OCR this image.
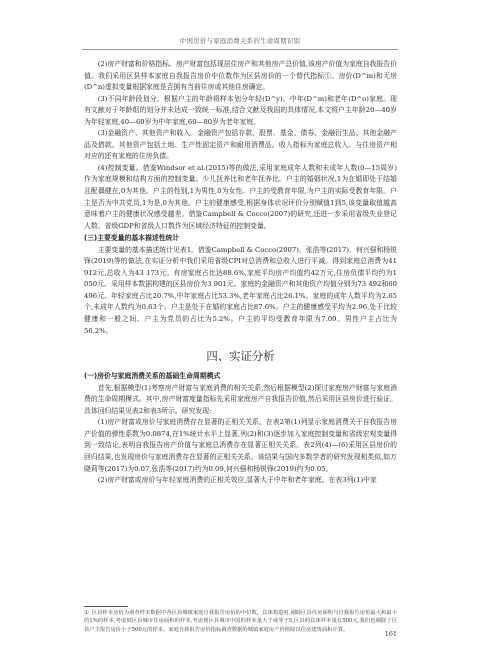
中国房价与家庭消费关系的生命周期识别

(2)房产财富和价格指标。房产财富包括现居住房产和其他房产总价值,该房产价值为家庭自我报告价值。我们采用区县样本家庭自我报告房价中位数作为区县房价的一个替代指标①。房价(D^m)和无房(D^n)虚拟变量根据家庭是否拥有当前住房或其他住房确定。

(3)不同年龄段划分。根据户主的年龄将样本划分年轻(D^y)、中年(D^m)和老年(D^o)家庭。现有文献对于年龄组的划分并未达成一致统一标准,结合文献及我国的具体情况,本文将户主年龄20—40岁为年轻家庭,40—60岁为中年家庭,60—80岁为老年家庭。

(3)金融资产、其他资产和收入。金融资产包括存款、股票、基金、债券、金融衍生品、其他金融产品及借款。其他资产包括土地、生产性固定资产和耐用消费品。收入指标为家庭总收入。与住房资产相对应的还有家庭的住房负债。

(4)控制变量。借鉴Windsor et al.(2015)等的做法,采用家庭成年人数和未成年人数(0—15周岁)作为家庭规模和结构方面的控制变量。少儿抚养比和老年抚养比。户主的婚姻状况,1为在婚即处于结婚且配偶健在,0为其他。户主的性别,1为男性,0为女性。户主的受教育年限,为户主的实际受教育年限。户主是否为中共党员,1为是,0为其他。户主的健康感受,根据身体状况评价分别赋值1到5,该变量取值越高意味着户主的健康状况感受越差。借鉴Campbell & Cocco(2007)的研究,还进一步采用省级失业登记人数、省级GDP和省级人口数作为区域经济特征的控制变量。

(三)主要变量的基本描述性统计

主要变量的基本描述统计见表1。借鉴Campbell & Cocco(2007)、张浩等(2017)、何兴强和杨锐锋(2019)等的做法,在实证分析中我们采用省级CPI对总消费和总收入进行平减。得到家庭总消费为41 912元,总收入为43 173元。有房家庭占比达88.6%,家庭平均房产均值约42万元,住房负债平均约为1 050元。采用样本数据构建的区县房价为3 901元。家庭的金融资产和其他资产均值分别为73 492和60 496元。年轻家庭占比20.7%,中年家庭占比53.3%,老年家庭占比26.1%。家庭的成年人数平均为2.65个,未成年人数约为0.63个。户主是处于在婚的家庭占比87.6%。户主的健康感受平均为2.96,处于比较健康和一般之间。户主为党员的占比为5.2%。户主的平均受教育年限为7.09。男性户主占比为56.2%。

四、实证分析

(一)房价与家庭消费关系的基础生命周期模式

首先,根据模型(1)考察房产财富与家庭消费的相关关系,然后根据模型(2)探讨家庭房产财富与家庭消费的生命周期模式。其中,房产财富度量指标先采用家庭房产自我报告价值,然后采用区县房价进行验证。具体回归结果见表2和表3所示。研究发现:

(1)房产财富或房价与家庭消费存在显著的正相关关系。在表2第(1)列显示家庭消费关于自我报告房产价值的弹性系数为0.0874,在1%统计水平上显著,列(2)和(3)逐步加入家庭控制变量和省级宏观变量得到一致结论,表明自我报告房产价值与家庭总消费存在显著正相关关系。表2列(4)—(6)采用区县房价的回归结果,也发现房价与家庭消费存在显著的正相关关系。该结果与国内多数学者的研究发现相类似,如万晓莉等(2017)为0.07,张浩等(2017)约为0.09,何兴强和杨锐锋(2019)约为0.05。

(2)房产财富或房价与年轻家庭消费的正相关效应,显著大于中年和老年家庭。在表3列(1)中家

① 区县样本房价为调查样本数据中各区县城镇家庭自我报告房价的中位数。具体构造时,剔除区县住房面积与自我报告房价最大和最小的1%的样本,考虑到区县城市住房面积的样本,考虑到区县城市中国的样本量大于或等于5,区县的具体样本量在500元,我们也剔除了区县户主报告房价小于500元的样本。家庭自我报告房价指标调查数据的城镇家庭房产价值除以住房建筑面积计算。
161
